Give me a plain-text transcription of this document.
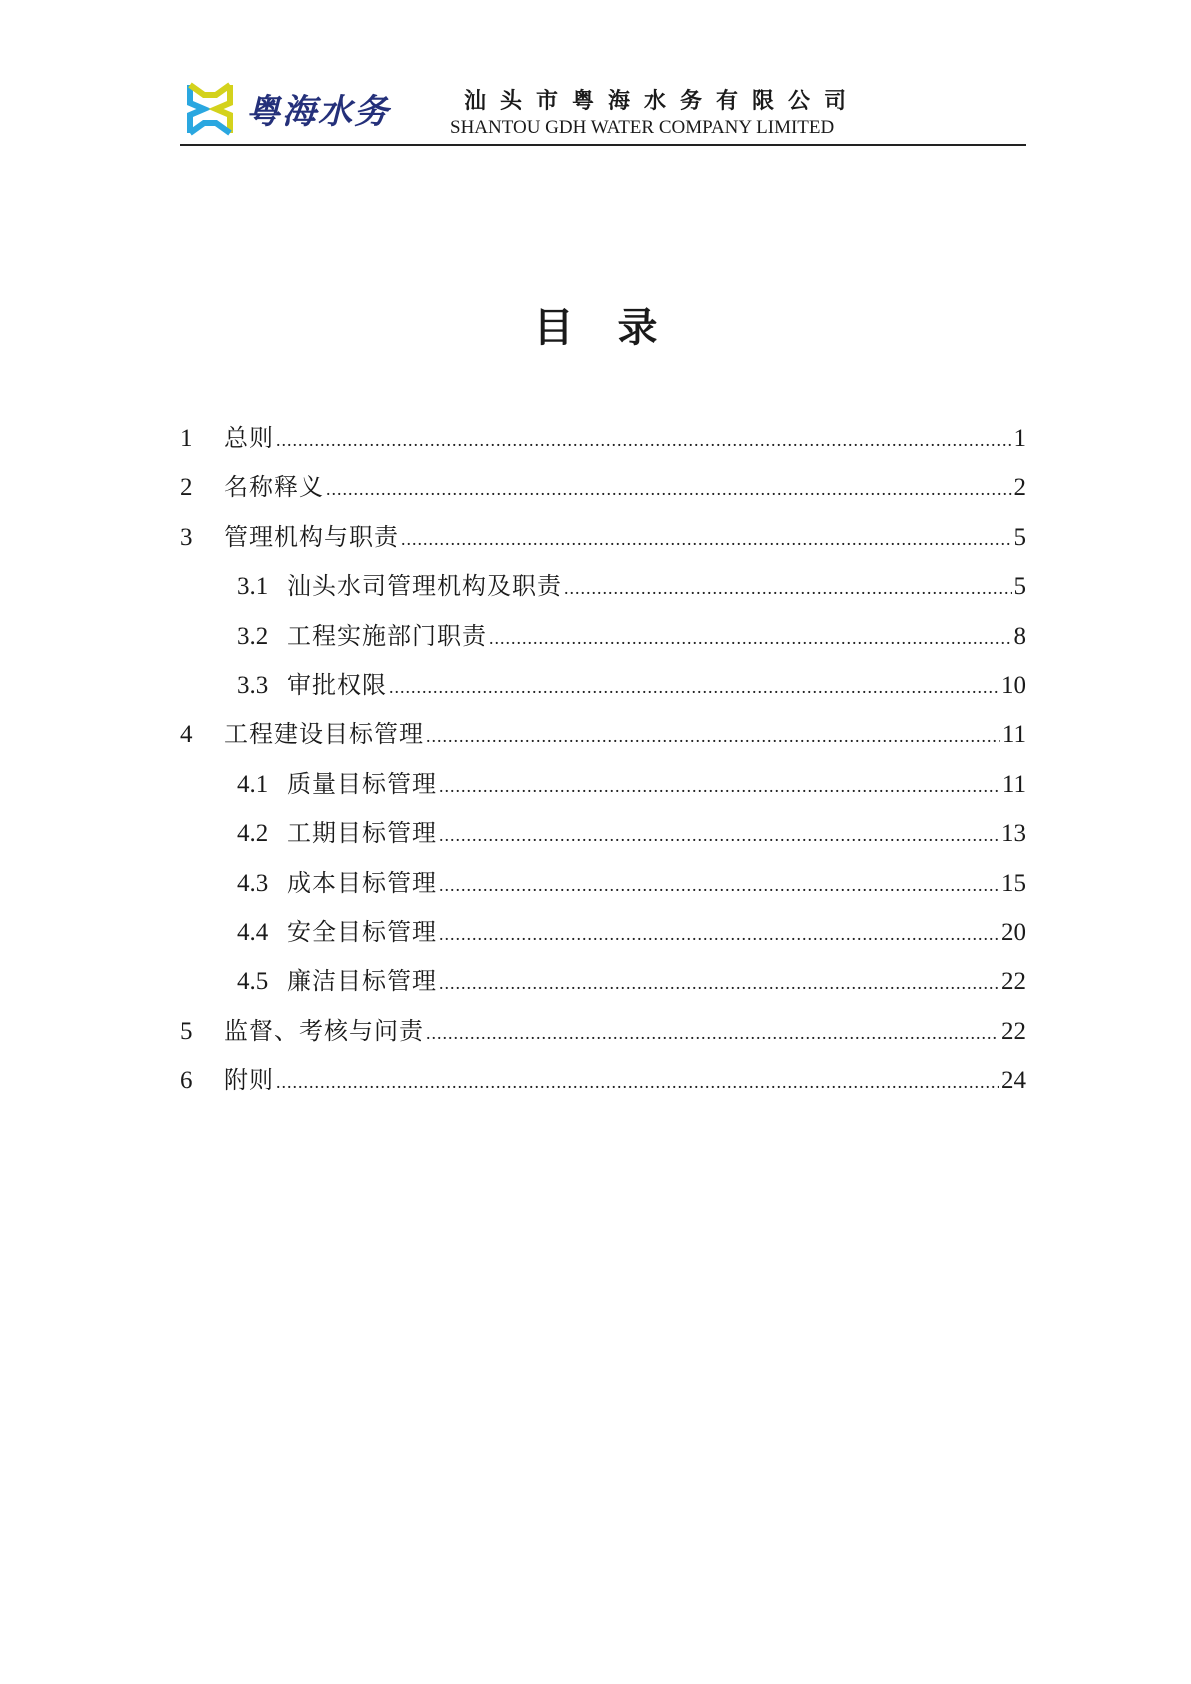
粤海水务	汕头市粤海水务有限公司
SHANTOU GDH WATER COMPANY LIMITED
目录
1	总则 .....	1
2	名称释义 .....	2
3	管理机构与职责 .....	5
3.1 汕头水司管理机构及职责 .....	5
3.2 工程实施部门职责 .....	8
3.3 审批权限 .....	10
4	工程建设目标管理 .....	11
4.1 质量目标管理 .....	11
4.2 工期目标管理 .....	13
4.3 成本目标管理 .....	15
4.4 安全目标管理 .....	20
4.5 廉洁目标管理 .....	22
5	监督、考核与问责 .....	22
6	附则 .....	24
